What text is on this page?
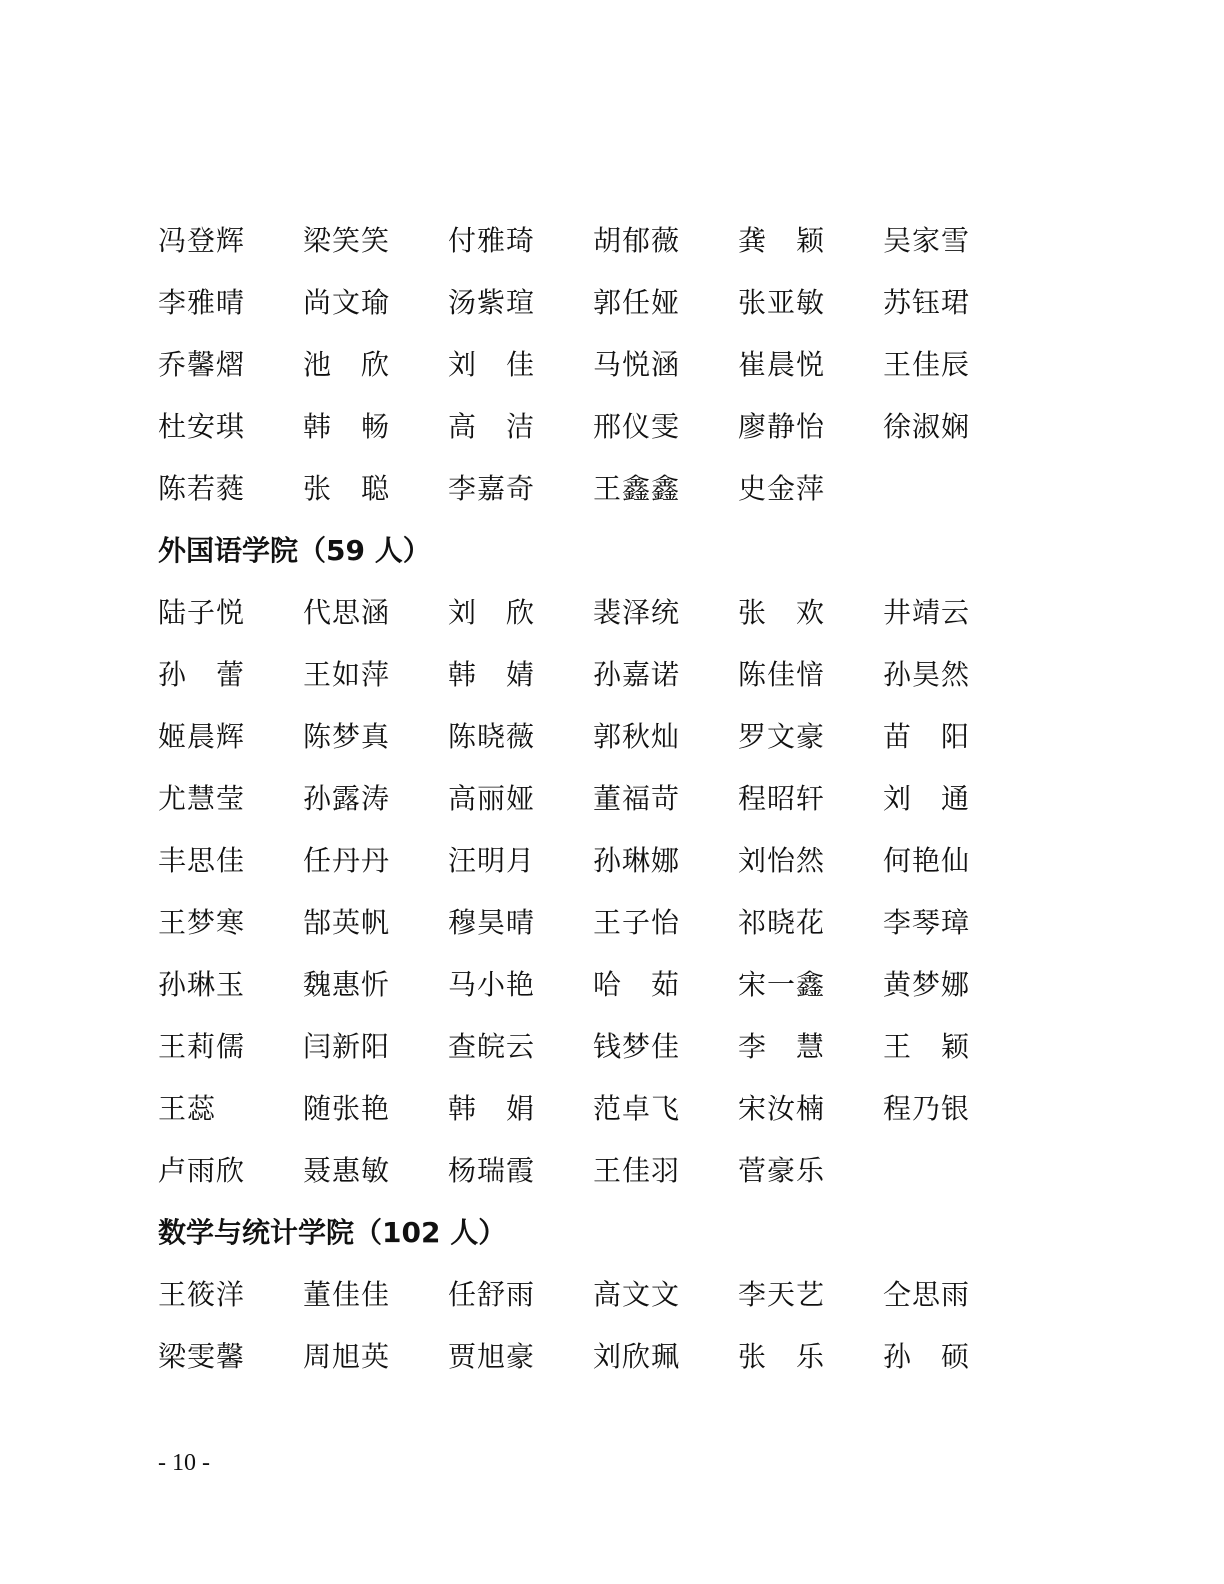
冯登辉	梁笑笑	付雅琦	胡郁薇	龚　颖	吴家雪
李雅晴	尚文瑜	汤紫瑄	郭任娅	张亚敏	苏钰珺
乔馨熠	池　欣	刘　佳	马悦涵	崔晨悦	王佳辰
杜安琪	韩　畅	高　洁	邢仪雯	廖静怡	徐淑娴
陈若蕤	张　聪	李嘉奇	王鑫鑫	史金萍
外国语学院（59 人）
陆子悦	代思涵	刘　欣	裴泽统	张　欢	井靖云
孙　蕾	王如萍	韩　婧	孙嘉诺	陈佳愔	孙昊然
姬晨辉	陈梦真	陈晓薇	郭秋灿	罗文豪	苗　阳
尤慧莹	孙露涛	高丽娅	董福苛	程昭轩	刘　通
丰思佳	任丹丹	汪明月	孙琳娜	刘怡然	何艳仙
王梦寒	郜英帆	穆昊晴	王子怡	祁晓花	李琴璋
孙琳玉	魏惠忻	马小艳	哈　茹	宋一鑫	黄梦娜
王莉儒	闫新阳	查皖云	钱梦佳	李　慧	王　颖
王蕊	随张艳	韩　娟	范卓飞	宋汝楠	程乃银
卢雨欣	聂惠敏	杨瑞霞	王佳羽	菅豪乐
数学与统计学院（102 人）
王筱洋	董佳佳	任舒雨	高文文	李天艺	仝思雨
梁雯馨	周旭英	贾旭豪	刘欣珮	张　乐	孙　硕
- 10 -
